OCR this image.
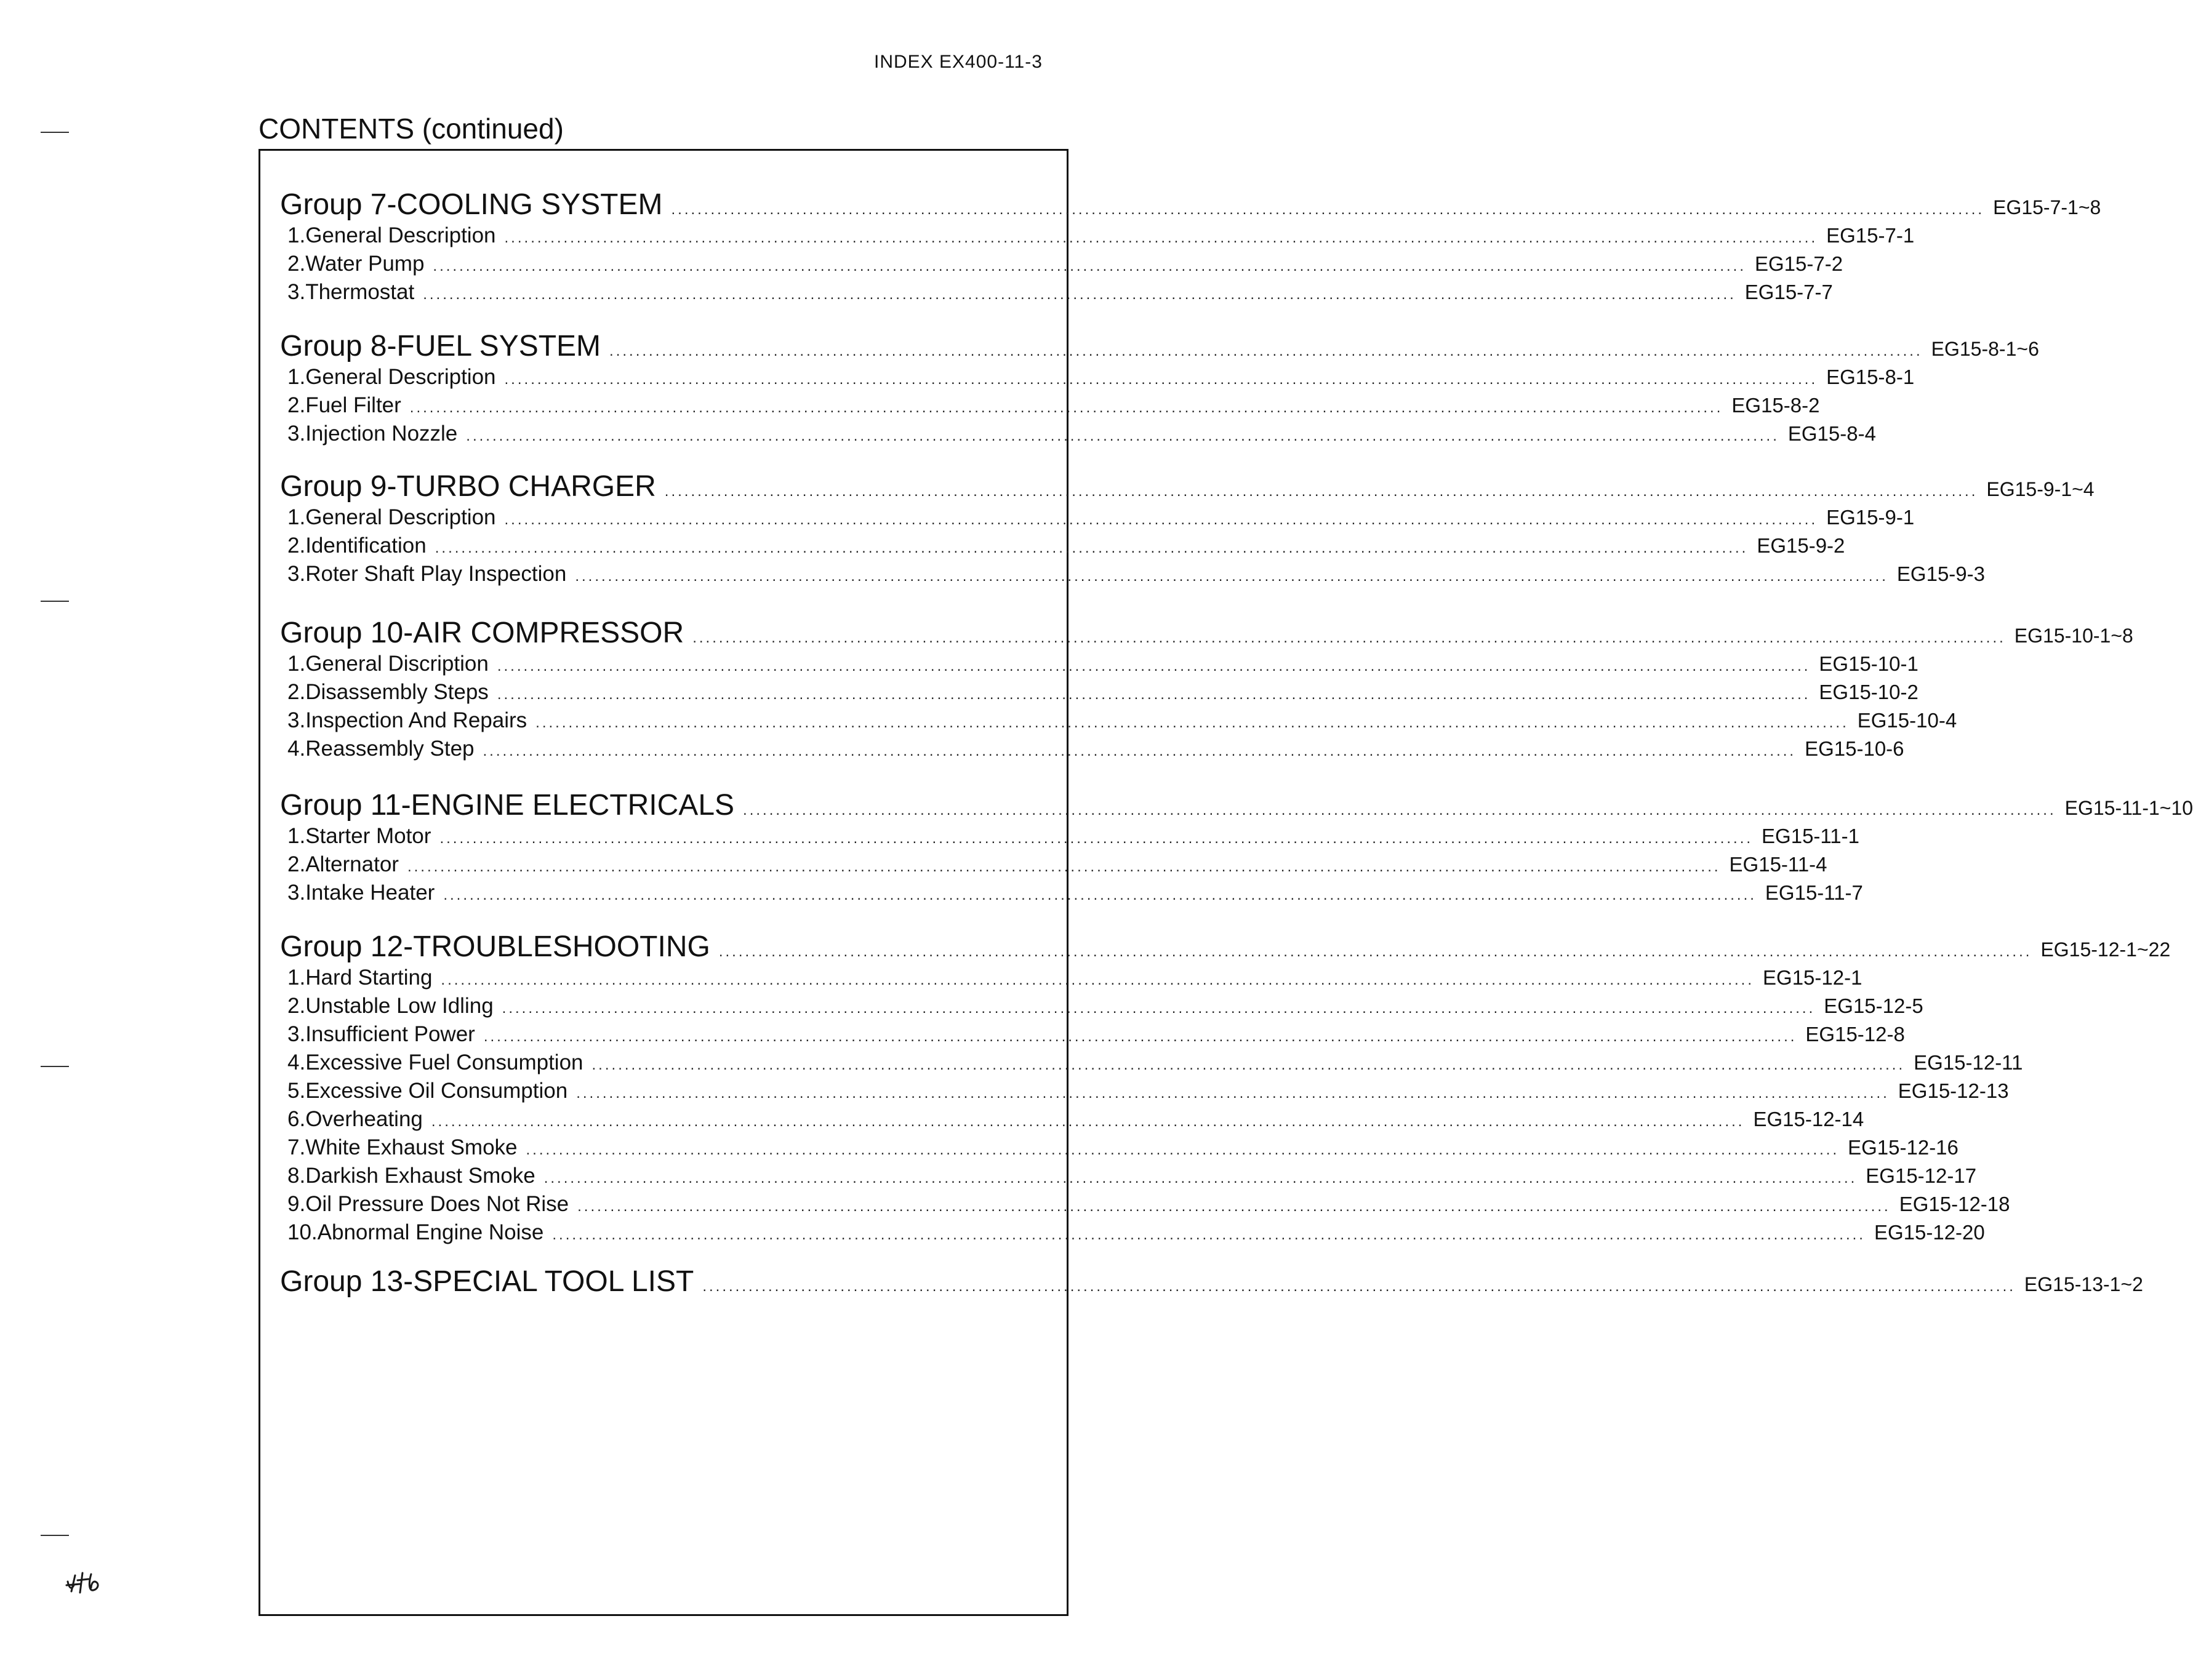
INDEX EX400-11-3
CONTENTS (continued)
Group 7-COOLING SYSTEM ........................................................................................................................................................................................................ EG15-7-1~8
1. General Description ........................................................................................................................................................................................................ EG15-7-1
2. Water Pump ........................................................................................................................................................................................................ EG15-7-2
3. Thermostat ........................................................................................................................................................................................................ EG15-7-7
Group 8-FUEL SYSTEM ........................................................................................................................................................................................................ EG15-8-1~6
1. General Description ........................................................................................................................................................................................................ EG15-8-1
2. Fuel Filter ........................................................................................................................................................................................................ EG15-8-2
3. Injection Nozzle ........................................................................................................................................................................................................ EG15-8-4
Group 9-TURBO CHARGER ........................................................................................................................................................................................................ EG15-9-1~4
1. General Description ........................................................................................................................................................................................................ EG15-9-1
2. Identification ........................................................................................................................................................................................................ EG15-9-2
3. Roter Shaft Play Inspection ........................................................................................................................................................................................................ EG15-9-3
Group 10-AIR COMPRESSOR ........................................................................................................................................................................................................ EG15-10-1~8
1. General Discription ........................................................................................................................................................................................................ EG15-10-1
2. Disassembly Steps ........................................................................................................................................................................................................ EG15-10-2
3. Inspection And Repairs ........................................................................................................................................................................................................ EG15-10-4
4. Reassembly Step ........................................................................................................................................................................................................ EG15-10-6
Group 11-ENGINE ELECTRICALS ........................................................................................................................................................................................................ EG15-11-1~10
1. Starter Motor ........................................................................................................................................................................................................ EG15-11-1
2. Alternator ........................................................................................................................................................................................................ EG15-11-4
3. Intake Heater ........................................................................................................................................................................................................ EG15-11-7
Group 12-TROUBLESHOOTING ........................................................................................................................................................................................................ EG15-12-1~22
1. Hard Starting ........................................................................................................................................................................................................ EG15-12-1
2. Unstable Low Idling ........................................................................................................................................................................................................ EG15-12-5
3. Insufficient Power ........................................................................................................................................................................................................ EG15-12-8
4. Excessive Fuel Consumption ........................................................................................................................................................................................................ EG15-12-11
5. Excessive Oil Consumption ........................................................................................................................................................................................................ EG15-12-13
6. Overheating ........................................................................................................................................................................................................ EG15-12-14
7. White Exhaust Smoke ........................................................................................................................................................................................................ EG15-12-16
8. Darkish Exhaust Smoke ........................................................................................................................................................................................................ EG15-12-17
9. Oil Pressure Does Not Rise ........................................................................................................................................................................................................ EG15-12-18
10. Abnormal Engine Noise ........................................................................................................................................................................................................ EG15-12-20
Group 13-SPECIAL TOOL LIST ........................................................................................................................................................................................................ EG15-13-1~2
